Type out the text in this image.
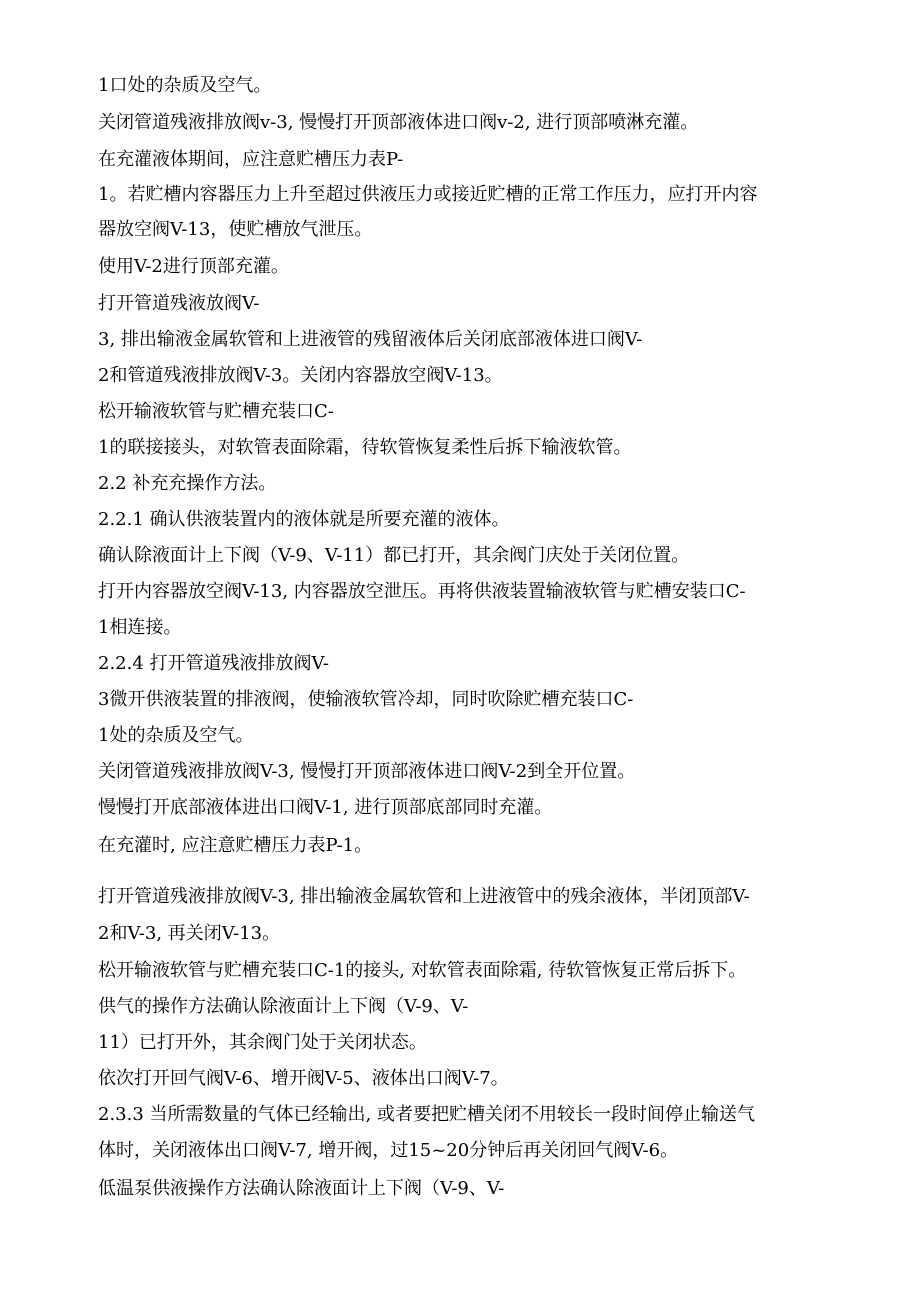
1口处的杂质及空气。

关闭管道残液排放阀v-3, 慢慢打开顶部液体进口阀v-2, 进行顶部喷淋充灌。

在充灌液体期间，应注意贮槽压力表P-

1。若贮槽内容器压力上升至超过供液压力或接近贮槽的正常工作压力，应打开内容

器放空阀V-13，使贮槽放气泄压。

使用V-2进行顶部充灌。

打开管道残液放阀V-

3, 排出输液金属软管和上进液管的残留液体后关闭底部液体进口阀V-

2和管道残液排放阀V-3。关闭内容器放空阀V-13。

松开输液软管与贮槽充装口C-

1的联接接头，对软管表面除霜，待软管恢复柔性后拆下输液软管。

2.2 补充充操作方法。

2.2.1 确认供液装置内的液体就是所要充灌的液体。

确认除液面计上下阀（V-9、V-11）都已打开，其余阀门庆处于关闭位置。

打开内容器放空阀V-13, 内容器放空泄压。再将供液装置输液软管与贮槽安装口C-

1相连接。

2.2.4 打开管道残液排放阀V-

3微开供液装置的排液阀，使输液软管冷却，同时吹除贮槽充装口C-

1处的杂质及空气。

关闭管道残液排放阀V-3, 慢慢打开顶部液体进口阀V-2到全开位置。

慢慢打开底部液体进出口阀V-1, 进行顶部底部同时充灌。

在充灌时, 应注意贮槽压力表P-1。

打开管道残液排放阀V-3, 排出输液金属软管和上进液管中的残余液体，半闭顶部V-

2和V-3, 再关闭V-13。

松开输液软管与贮槽充装口C-1的接头, 对软管表面除霜, 待软管恢复正常后拆下。

供气的操作方法确认除液面计上下阀（V-9、V-

11）已打开外，其余阀门处于关闭状态。

依次打开回气阀V-6、增开阀V-5、液体出口阀V-7。

2.3.3 当所需数量的气体已经输出, 或者要把贮槽关闭不用较长一段时间停止输送气

体时，关闭液体出口阀V-7, 增开阀，过15~20分钟后再关闭回气阀V-6。

低温泵供液操作方法确认除液面计上下阀（V-9、V-
